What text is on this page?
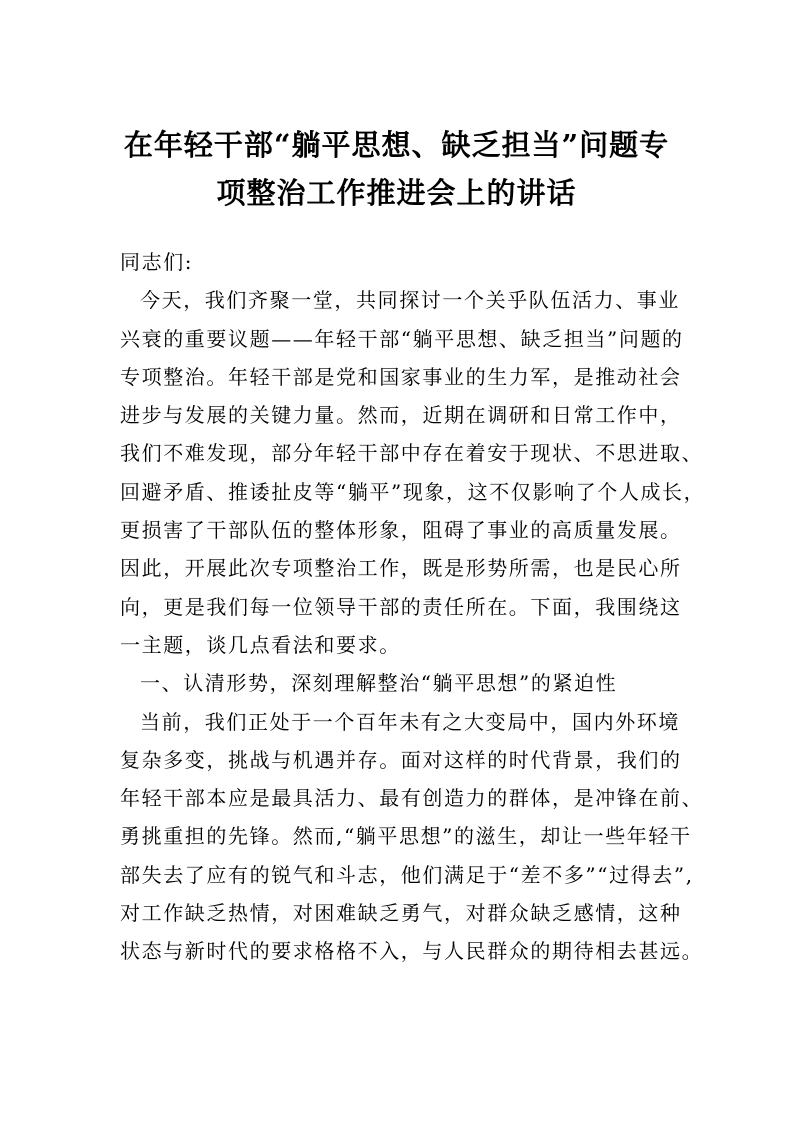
在年轻干部“躺平思想、缺乏担当”问题专
项整治工作推进会上的讲话
同志们:
今天，我们齐聚一堂，共同探讨一个关乎队伍活力、事业
兴衰的重要议题——年轻干部“躺平思想、缺乏担当”问题的
专项整治。年轻干部是党和国家事业的生力军，是推动社会
进步与发展的关键力量。然而，近期在调研和日常工作中，
我们不难发现，部分年轻干部中存在着安于现状、不思进取、
回避矛盾、推诿扯皮等“躺平”现象，这不仅影响了个人成长，
更损害了干部队伍的整体形象，阻碍了事业的高质量发展。
因此，开展此次专项整治工作，既是形势所需，也是民心所
向，更是我们每一位领导干部的责任所在。下面，我围绕这
一主题，谈几点看法和要求。
一、认清形势，深刻理解整治“躺平思想”的紧迫性
当前，我们正处于一个百年未有之大变局中，国内外环境
复杂多变，挑战与机遇并存。面对这样的时代背景，我们的
年轻干部本应是最具活力、最有创造力的群体，是冲锋在前、
勇挑重担的先锋。然而,“躺平思想”的滋生，却让一些年轻干
部失去了应有的锐气和斗志，他们满足于“差不多”“过得去”,
对工作缺乏热情，对困难缺乏勇气，对群众缺乏感情，这种
状态与新时代的要求格格不入，与人民群众的期待相去甚远。
